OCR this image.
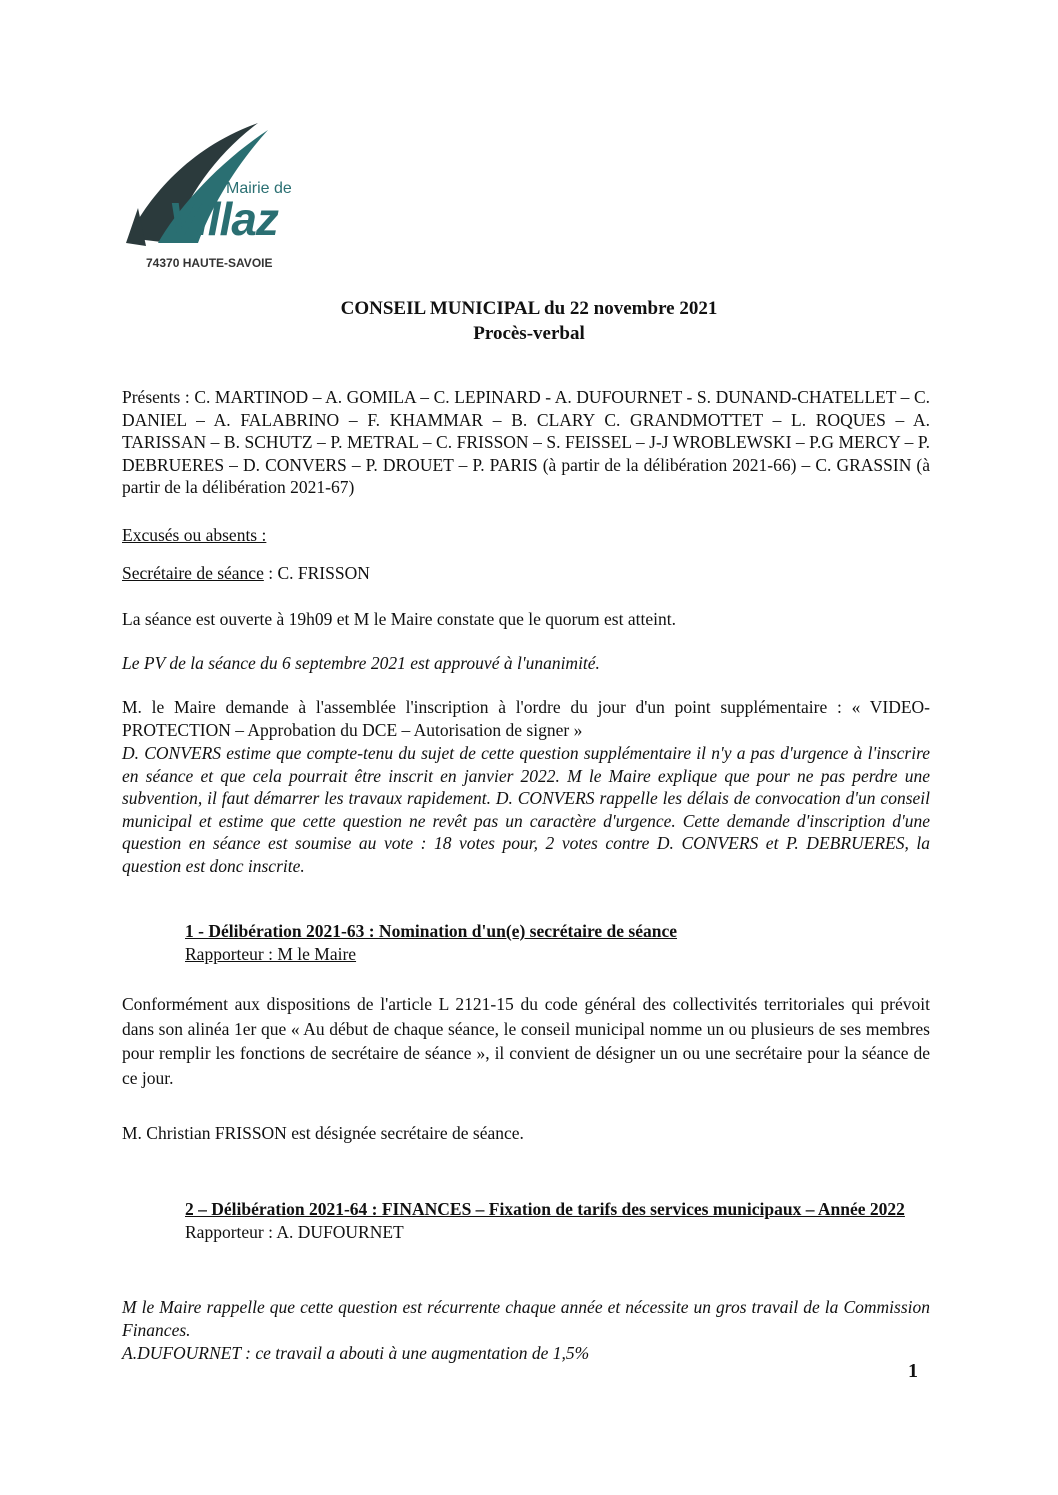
Mairie de
Villaz
74370 HAUTE-SAVOIE
CONSEIL MUNICIPAL du 22 novembre 2021
Procès-verbal

Présents : C. MARTINOD – A. GOMILA – C. LEPINARD - A. DUFOURNET - S. DUNAND-CHATELLET – C. DANIEL – A. FALABRINO – F. KHAMMAR – B. CLARY C. GRANDMOTTET – L. ROQUES – A. TARISSAN – B. SCHUTZ – P. METRAL – C. FRISSON – S. FEISSEL – J-J WROBLEWSKI – P.G MERCY – P. DEBRUERES – D. CONVERS – P. DROUET – P. PARIS (à partir de la délibération 2021-66) – C. GRASSIN (à partir de la délibération 2021-67)

Excusés ou absents :

Secrétaire de séance : C. FRISSON

La séance est ouverte à 19h09 et M le Maire constate que le quorum est atteint.

Le PV de la séance du 6 septembre 2021 est approuvé à l'unanimité.

M. le Maire demande à l'assemblée l'inscription à l'ordre du jour d'un point supplémentaire : « VIDEO-PROTECTION – Approbation du DCE – Autorisation de signer »

D. CONVERS estime que compte-tenu du sujet de cette question supplémentaire il n'y a pas d'urgence à l'inscrire en séance et que cela pourrait être inscrit en janvier 2022. M le Maire explique que pour ne pas perdre une subvention, il faut démarrer les travaux rapidement. D. CONVERS rappelle les délais de convocation d'un conseil municipal et estime que cette question ne revêt pas un caractère d'urgence. Cette demande d'inscription d'une question en séance est soumise au vote : 18 votes pour, 2 votes contre D. CONVERS et P. DEBRUERES, la question est donc inscrite.

1 - Délibération 2021-63 : Nomination d'un(e) secrétaire de séance
Rapporteur : M le Maire

Conformément aux dispositions de l'article L 2121-15 du code général des collectivités territoriales qui prévoit dans son alinéa 1er que « Au début de chaque séance, le conseil municipal nomme un ou plusieurs de ses membres pour remplir les fonctions de secrétaire de séance », il convient de désigner un ou une secrétaire pour la séance de ce jour.

M. Christian FRISSON est désignée secrétaire de séance.

2 – Délibération 2021-64 : FINANCES – Fixation de tarifs des services municipaux – Année 2022
Rapporteur : A. DUFOURNET

M le Maire rappelle que cette question est récurrente chaque année et nécessite un gros travail de la Commission Finances.

A.DUFOURNET : ce travail a abouti à une augmentation de 1,5%

1
